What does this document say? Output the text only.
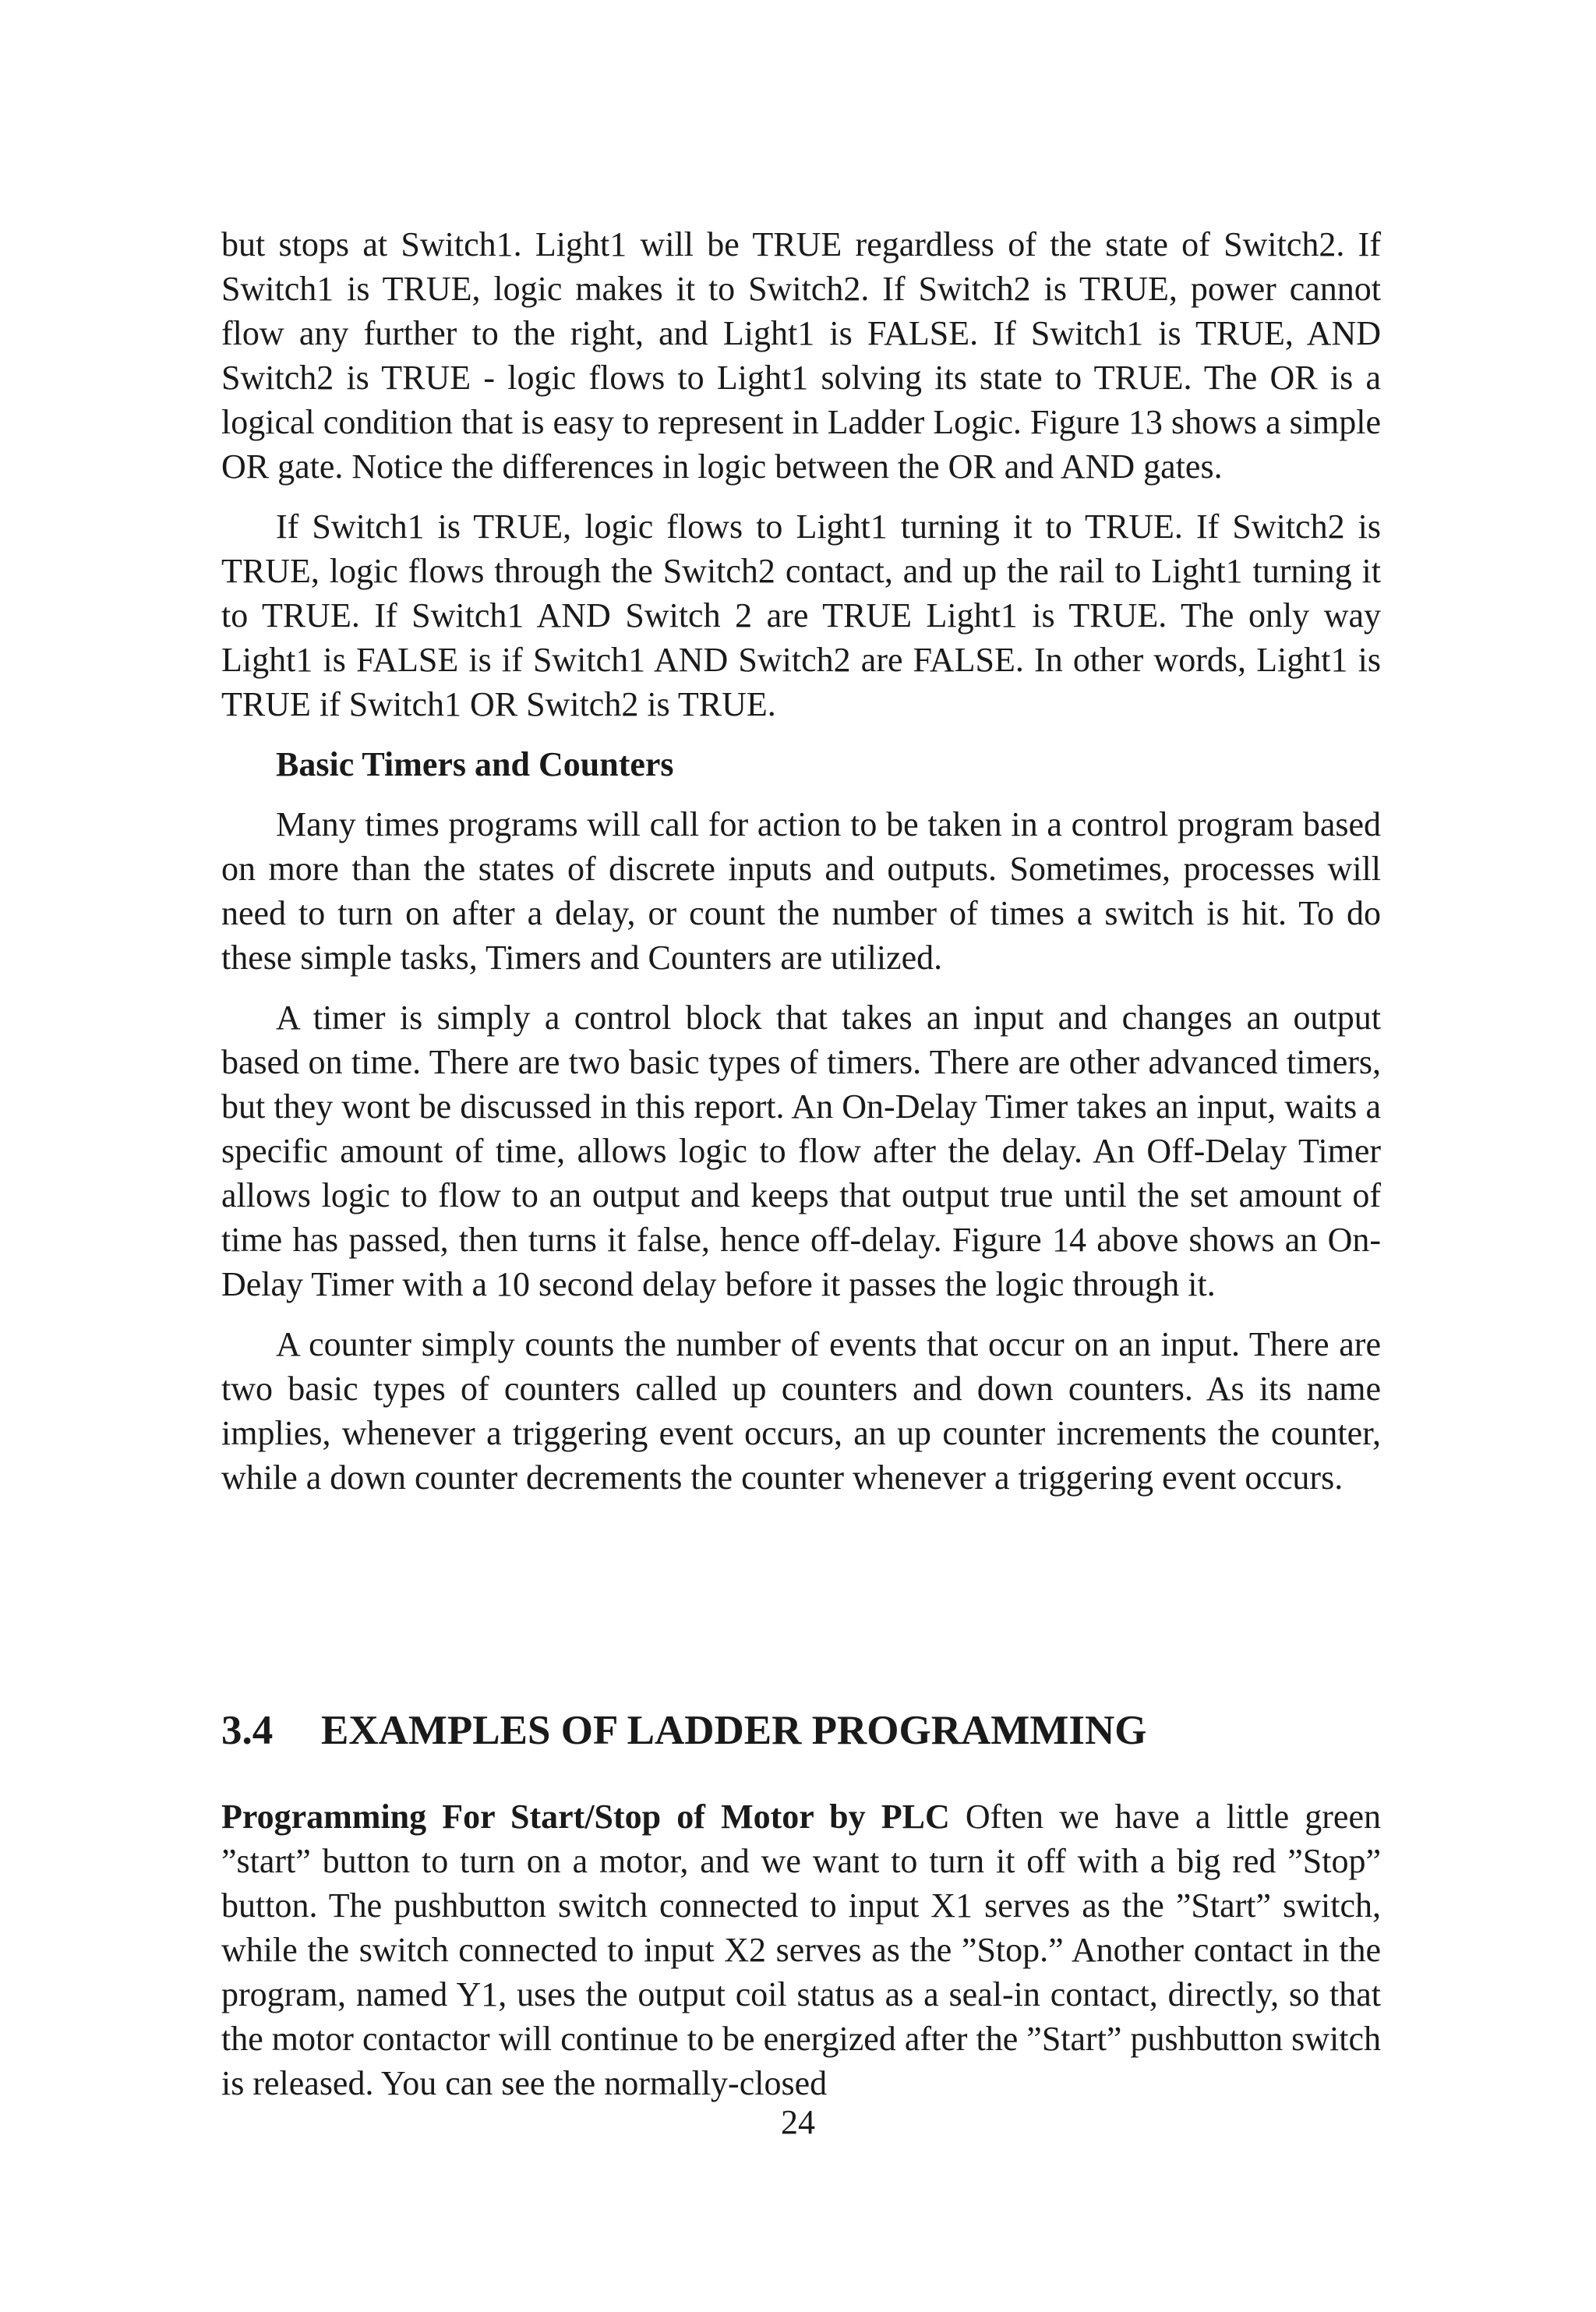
but stops at Switch1. Light1 will be TRUE regardless of the state of Switch2. If Switch1 is TRUE, logic makes it to Switch2. If Switch2 is TRUE, power cannot flow any further to the right, and Light1 is FALSE. If Switch1 is TRUE, AND Switch2 is TRUE - logic flows to Light1 solving its state to TRUE. The OR is a logical condition that is easy to represent in Ladder Logic. Figure 13 shows a simple OR gate. Notice the differences in logic between the OR and AND gates.

If Switch1 is TRUE, logic flows to Light1 turning it to TRUE. If Switch2 is TRUE, logic flows through the Switch2 contact, and up the rail to Light1 turning it to TRUE. If Switch1 AND Switch 2 are TRUE Light1 is TRUE. The only way Light1 is FALSE is if Switch1 AND Switch2 are FALSE. In other words, Light1 is TRUE if Switch1 OR Switch2 is TRUE.

Basic Timers and Counters

Many times programs will call for action to be taken in a control program based on more than the states of discrete inputs and outputs. Sometimes, processes will need to turn on after a delay, or count the number of times a switch is hit. To do these simple tasks, Timers and Counters are utilized.

A timer is simply a control block that takes an input and changes an output based on time. There are two basic types of timers. There are other advanced timers, but they wont be discussed in this report. An On-Delay Timer takes an input, waits a specific amount of time, allows logic to flow after the delay. An Off-Delay Timer allows logic to flow to an output and keeps that output true until the set amount of time has passed, then turns it false, hence off-delay. Figure 14 above shows an On-Delay Timer with a 10 second delay before it passes the logic through it.

A counter simply counts the number of events that occur on an input. There are two basic types of counters called up counters and down counters. As its name implies, whenever a triggering event occurs, an up counter increments the counter, while a down counter decrements the counter whenever a triggering event occurs.

3.4 EXAMPLES OF LADDER PROGRAMMING

Programming For Start/Stop of Motor by PLC Often we have a little green ”start” button to turn on a motor, and we want to turn it off with a big red ”Stop” button. The pushbutton switch connected to input X1 serves as the ”Start” switch, while the switch connected to input X2 serves as the ”Stop.” Another contact in the program, named Y1, uses the output coil status as a seal-in contact, directly, so that the motor contactor will continue to be energized after the ”Start” pushbutton switch is released. You can see the normally-closed

24
